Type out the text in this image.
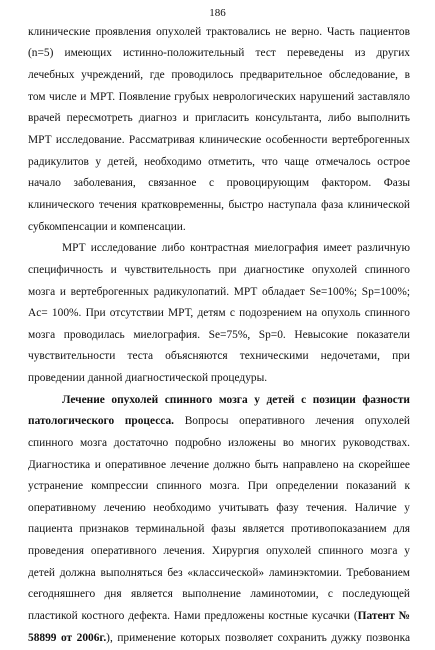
186
клинические проявления опухолей трактовались не верно. Часть пациентов
(n=5) имеющих истинно-положительный тест переведены из других
лечебных учреждений, где проводилось предварительное обследование, в
том числе и МРТ. Появление грубых неврологических нарушений заставляло
врачей пересмотреть диагноз и пригласить консультанта, либо выполнить
МРТ исследование. Рассматривая клинические особенности вертеброгенных
радикулитов у детей, необходимо отметить, что чаще отмечалось острое
начало заболевания, связанное с провоцирующим фактором. Фазы
клинического течения кратковременны, быстро наступала фаза клинической
субкомпенсации и компенсации.
МРТ исследование либо контрастная миелография имеет различную
специфичность и чувствительность при диагностике опухолей спинного
мозга и вертеброгенных радикулопатий. МРТ обладает Se=100%; Sp=100%;
Ac= 100%. При отсутствии МРТ, детям с подозрением на опухоль спинного
мозга проводилась миелография. Se=75%, Sp=0. Невысокие показатели
чувствительности теста объясняются техническими недочетами, при
проведении данной диагностической процедуры.
Лечение опухолей спинного мозга у детей с позиции фазности
патологического процесса. Вопросы оперативного лечения опухолей
спинного мозга достаточно подробно изложены во многих руководствах.
Диагностика и оперативное лечение должно быть направлено на скорейшее
устранение компрессии спинного мозга. При определении показаний к
оперативному лечению необходимо учитывать фазу течения. Наличие у
пациента признаков терминальной фазы является противопоказанием для
проведения оперативного лечения. Хирургия опухолей спинного мозга у
детей должна выполняться без «классической» ламинэктомии. Требованием
сегодняшнего дня является выполнение ламинотомии, с последующей
пластикой костного дефекта. Нами предложены костные кусачки (Патент №
58899 от 2006г.), применение которых позволяет сохранить дужку позвонка
